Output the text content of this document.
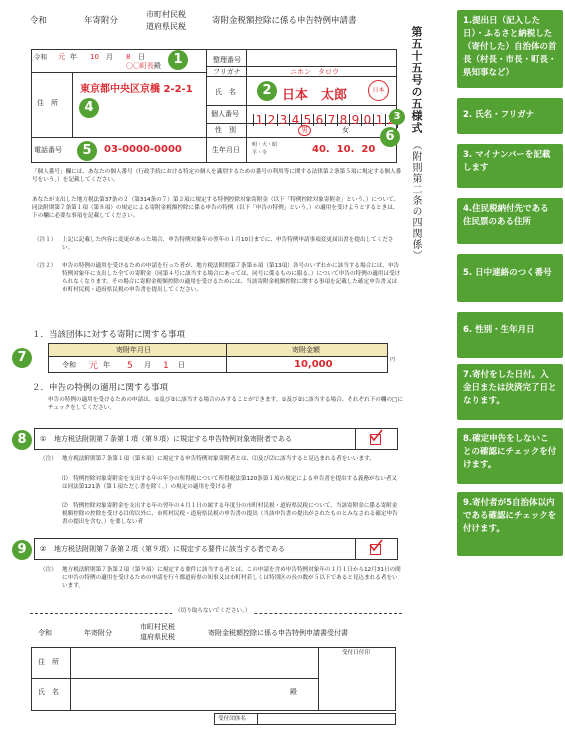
令和	年寄附分
市町村民税
道府県民税
寄附金税額控除に係る申告特例申請書
第五十五号の五様式
（附則第二条の四関係）
令和 元 年 10 月 8 日
〇〇町長 殿
整理番号
フリガナ	ニホン　タロウ
氏　名	日本　太郎	日本
住　所
東京都中央区京橋 2-2-1
個人番号 1 2 3 4 5 6 7 8 9 0 1
性　別	男	女
電話番号	03-0000-0000	生年月日
明・大・昭
平・令	40.  10.  20
「個人番号」欄には、あなたの個人番号（行政手続における特定の個人を識別するための番号の利用等に関する法律第２条第５項に規定する個人番号をいう。）を記載してください。
あなたが支出した地方税法第37条の２（第314条の７）第２項に規定する特例控除対象寄附金（以下「特例控除対象寄附金」という。）について、同法附則第７条第１項（第８項）の規定による寄附金税額控除に係る申告の特例（以下「申告の特例」という。）の適用を受けようとするときは、下の欄に必要な事項を記載してください。
（注１） 上記に記載した内容に変更があった場合、申告特例対象年の翌年の１月10日までに、申告特例申請事項変更届出書を提出してください。
（注２） 申告の特例の適用を受けるための申請を行った者が、地方税法附則第７条第６項（第13項）各号のいずれかに該当する場合には、申告特例対象年に支出した全ての寄附金（同第４号に該当する場合にあっては、同号に係るものに限る。）について申告の特例の適用は受けられなくなります。その場合に寄附金税額控除の適用を受けるためには、当該寄附金税額控除に関する事項を記載した確定申告書又は市町村民税・道府県民税の申告書を提出してください。
１．当該団体に対する寄附に関する事項
寄附年月日	寄附金額
令和 元 年 5 月 1 日	10,000	円
２．申告の特例の適用に関する事項
申告の特例の適用を受けるための申請は、①及び②に該当する場合のみすることができます。①及び②に該当する場合、それぞれ下の欄の□にチェックをしてください。
① 地方税法附則第７条第１項（第８項）に規定する申告特例対象寄附者である
（注） 地方税法附則第７条第１項（第８項）に規定する申告特例対象寄附者とは、⑴及び⑵に該当すると見込まれる者をいいます。
⑴　特例控除対象寄附金を支出する年の年分の所得税について所得税法第120条第１項の規定による申告書を提出する義務がない者又は同法第121条（第１項ただし書を除く。）の規定の適用を受ける者
⑵　特例控除対象寄附金を支出する年の翌年の４月１日の属する年度分の市町村民税・道府県民税について、当該寄附金に係る寄附金税額控除の控除を受ける目的以外に、市町村民税・道府県民税の申告書の提出（当該申告書の提出がされたものとみなされる確定申告書の提出を含む。）を要しない者
② 地方税法附則第７条第２項（第９項）に規定する要件に該当する者である
（注） 地方税法附則第７条第２項（第９項）に規定する要件に該当する者とは、この申請を含め申告特例対象年の１月１日から12月31日の間に申告の特例の適用を受けるための申請を行う都道府県の知事又は市町村若しくは特別区の長の数が５以下であると見込まれる者をいいます。
（切り取らないでください。）
令和	年寄附分
市町村民税
道府県民税	寄附金税額控除に係る申告特例申請書受付書
住　所
氏　名	殿
受付日付印
受付団体名
1
2
3
4
5
6
7
8
9
1.提出日（記入した日）・ふるさと納税した（寄付した）自治体の首長（村長・市長・町長・県知事など）
2. 氏名・フリガナ
3. マイナンバーを記載します
4.住民税納付先である住民票のある住所
5. 日中連絡のつく番号
6. 性別・生年月日
7.寄付をした日付。入金日または決済完了日となります。
8.確定申告をしないことの確認にチェックを付けます。
9.寄付者が5自治体以内である確認にチェックを付けます。
